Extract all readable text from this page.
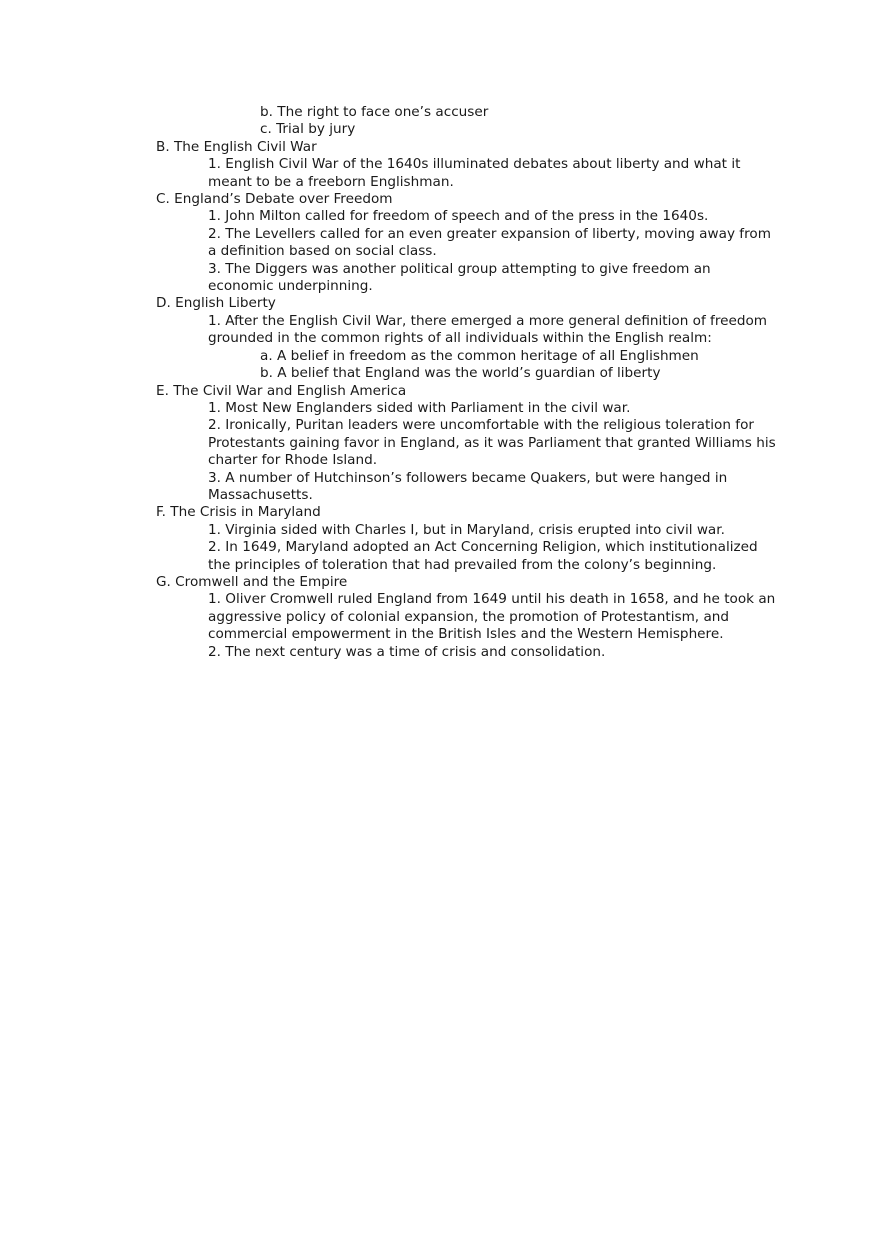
b. The right to face one’s accuser
c. Trial by jury
B. The English Civil War
1. English Civil War of the 1640s illuminated debates about liberty and what it meant to be a freeborn Englishman.
C. England’s Debate over Freedom
1. John Milton called for freedom of speech and of the press in the 1640s.
2. The Levellers called for an even greater expansion of liberty, moving away from a definition based on social class.
3. The Diggers was another political group attempting to give freedom an economic underpinning.
D. English Liberty
1. After the English Civil War, there emerged a more general definition of freedom grounded in the common rights of all individuals within the English realm:
a. A belief in freedom as the common heritage of all Englishmen
b. A belief that England was the world’s guardian of liberty
E. The Civil War and English America
1. Most New Englanders sided with Parliament in the civil war.
2. Ironically, Puritan leaders were uncomfortable with the religious toleration for Protestants gaining favor in England, as it was Parliament that granted Williams his charter for Rhode Island.
3. A number of Hutchinson’s followers became Quakers, but were hanged in Massachusetts.
F. The Crisis in Maryland
1. Virginia sided with Charles I, but in Maryland, crisis erupted into civil war.
2. In 1649, Maryland adopted an Act Concerning Religion, which institutionalized the principles of toleration that had prevailed from the colony’s beginning.
G. Cromwell and the Empire
1. Oliver Cromwell ruled England from 1649 until his death in 1658, and he took an aggressive policy of colonial expansion, the promotion of Protestantism, and commercial empowerment in the British Isles and the Western Hemisphere.
2. The next century was a time of crisis and consolidation.
